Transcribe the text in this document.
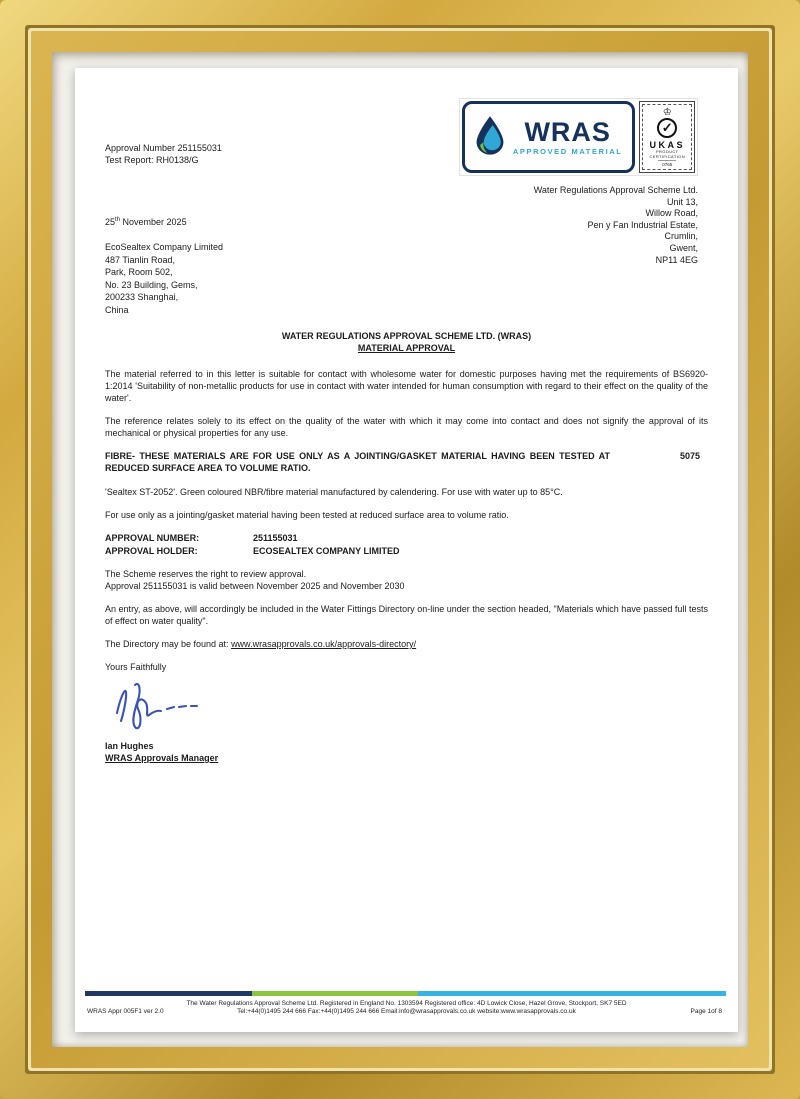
Approval Number 251155031
Test Report: RH0138/G
WRAS
APPROVED MATERIAL
♔
✓
UKAS
PRODUCT
CERTIFICATION
0765
Water Regulations Approval Scheme Ltd.
Unit 13,
Willow Road,
Pen y Fan Industrial Estate,
Crumlin,
Gwent,
NP11 4EG
25th November 2025
EcoSealtex Company Limited
487 Tianlin Road,
Park, Room 502,
No. 23 Building, Gems,
200233 Shanghai,
China
WATER REGULATIONS APPROVAL SCHEME LTD. (WRAS)
MATERIAL APPROVAL

The material referred to in this letter is suitable for contact with wholesome water for domestic purposes having met the requirements of BS6920-1:2014 'Suitability of non-metallic products for use in contact with water intended for human consumption with regard to their effect on the quality of the water'.

The reference relates solely to its effect on the quality of the water with which it may come into contact and does not signify the approval of its mechanical or physical properties for any use.

FIBRE- THESE MATERIALS ARE FOR USE ONLY AS A JOINTING/GASKET MATERIAL HAVING BEEN TESTED AT REDUCED SURFACE AREA TO VOLUME RATIO.

5075

'Sealtex ST-2052'. Green coloured NBR/fibre material manufactured by calendering. For use with water up to 85°C.

For use only as a jointing/gasket material having been tested at reduced surface area to volume ratio.

APPROVAL NUMBER:	251155031
APPROVAL HOLDER:	ECOSEALTEX COMPANY LIMITED

The Scheme reserves the right to review approval.

Approval 251155031 is valid between November 2025 and November 2030

An entry, as above, will accordingly be included in the Water Fittings Directory on-line under the section headed, "Materials which have passed full tests of effect on water quality".

The Directory may be found at: www.wrasapprovals.co.uk/approvals-directory/

Yours Faithfully

Ian Hughes
WRAS Approvals Manager
The Water Regulations Approval Scheme Ltd. Registered in England No. 1303594 Registered office: 4D Lowick Close, Hazel Grove, Stockport, SK7 5ED
Tel:+44(0)1495 244 666 Fax:+44(0)1495 244 666 Email:info@wrasapprovals.co.uk website:www.wrasapprovals.co.uk
WRAS Appr 005F1 ver 2.0	Page 1of 8
